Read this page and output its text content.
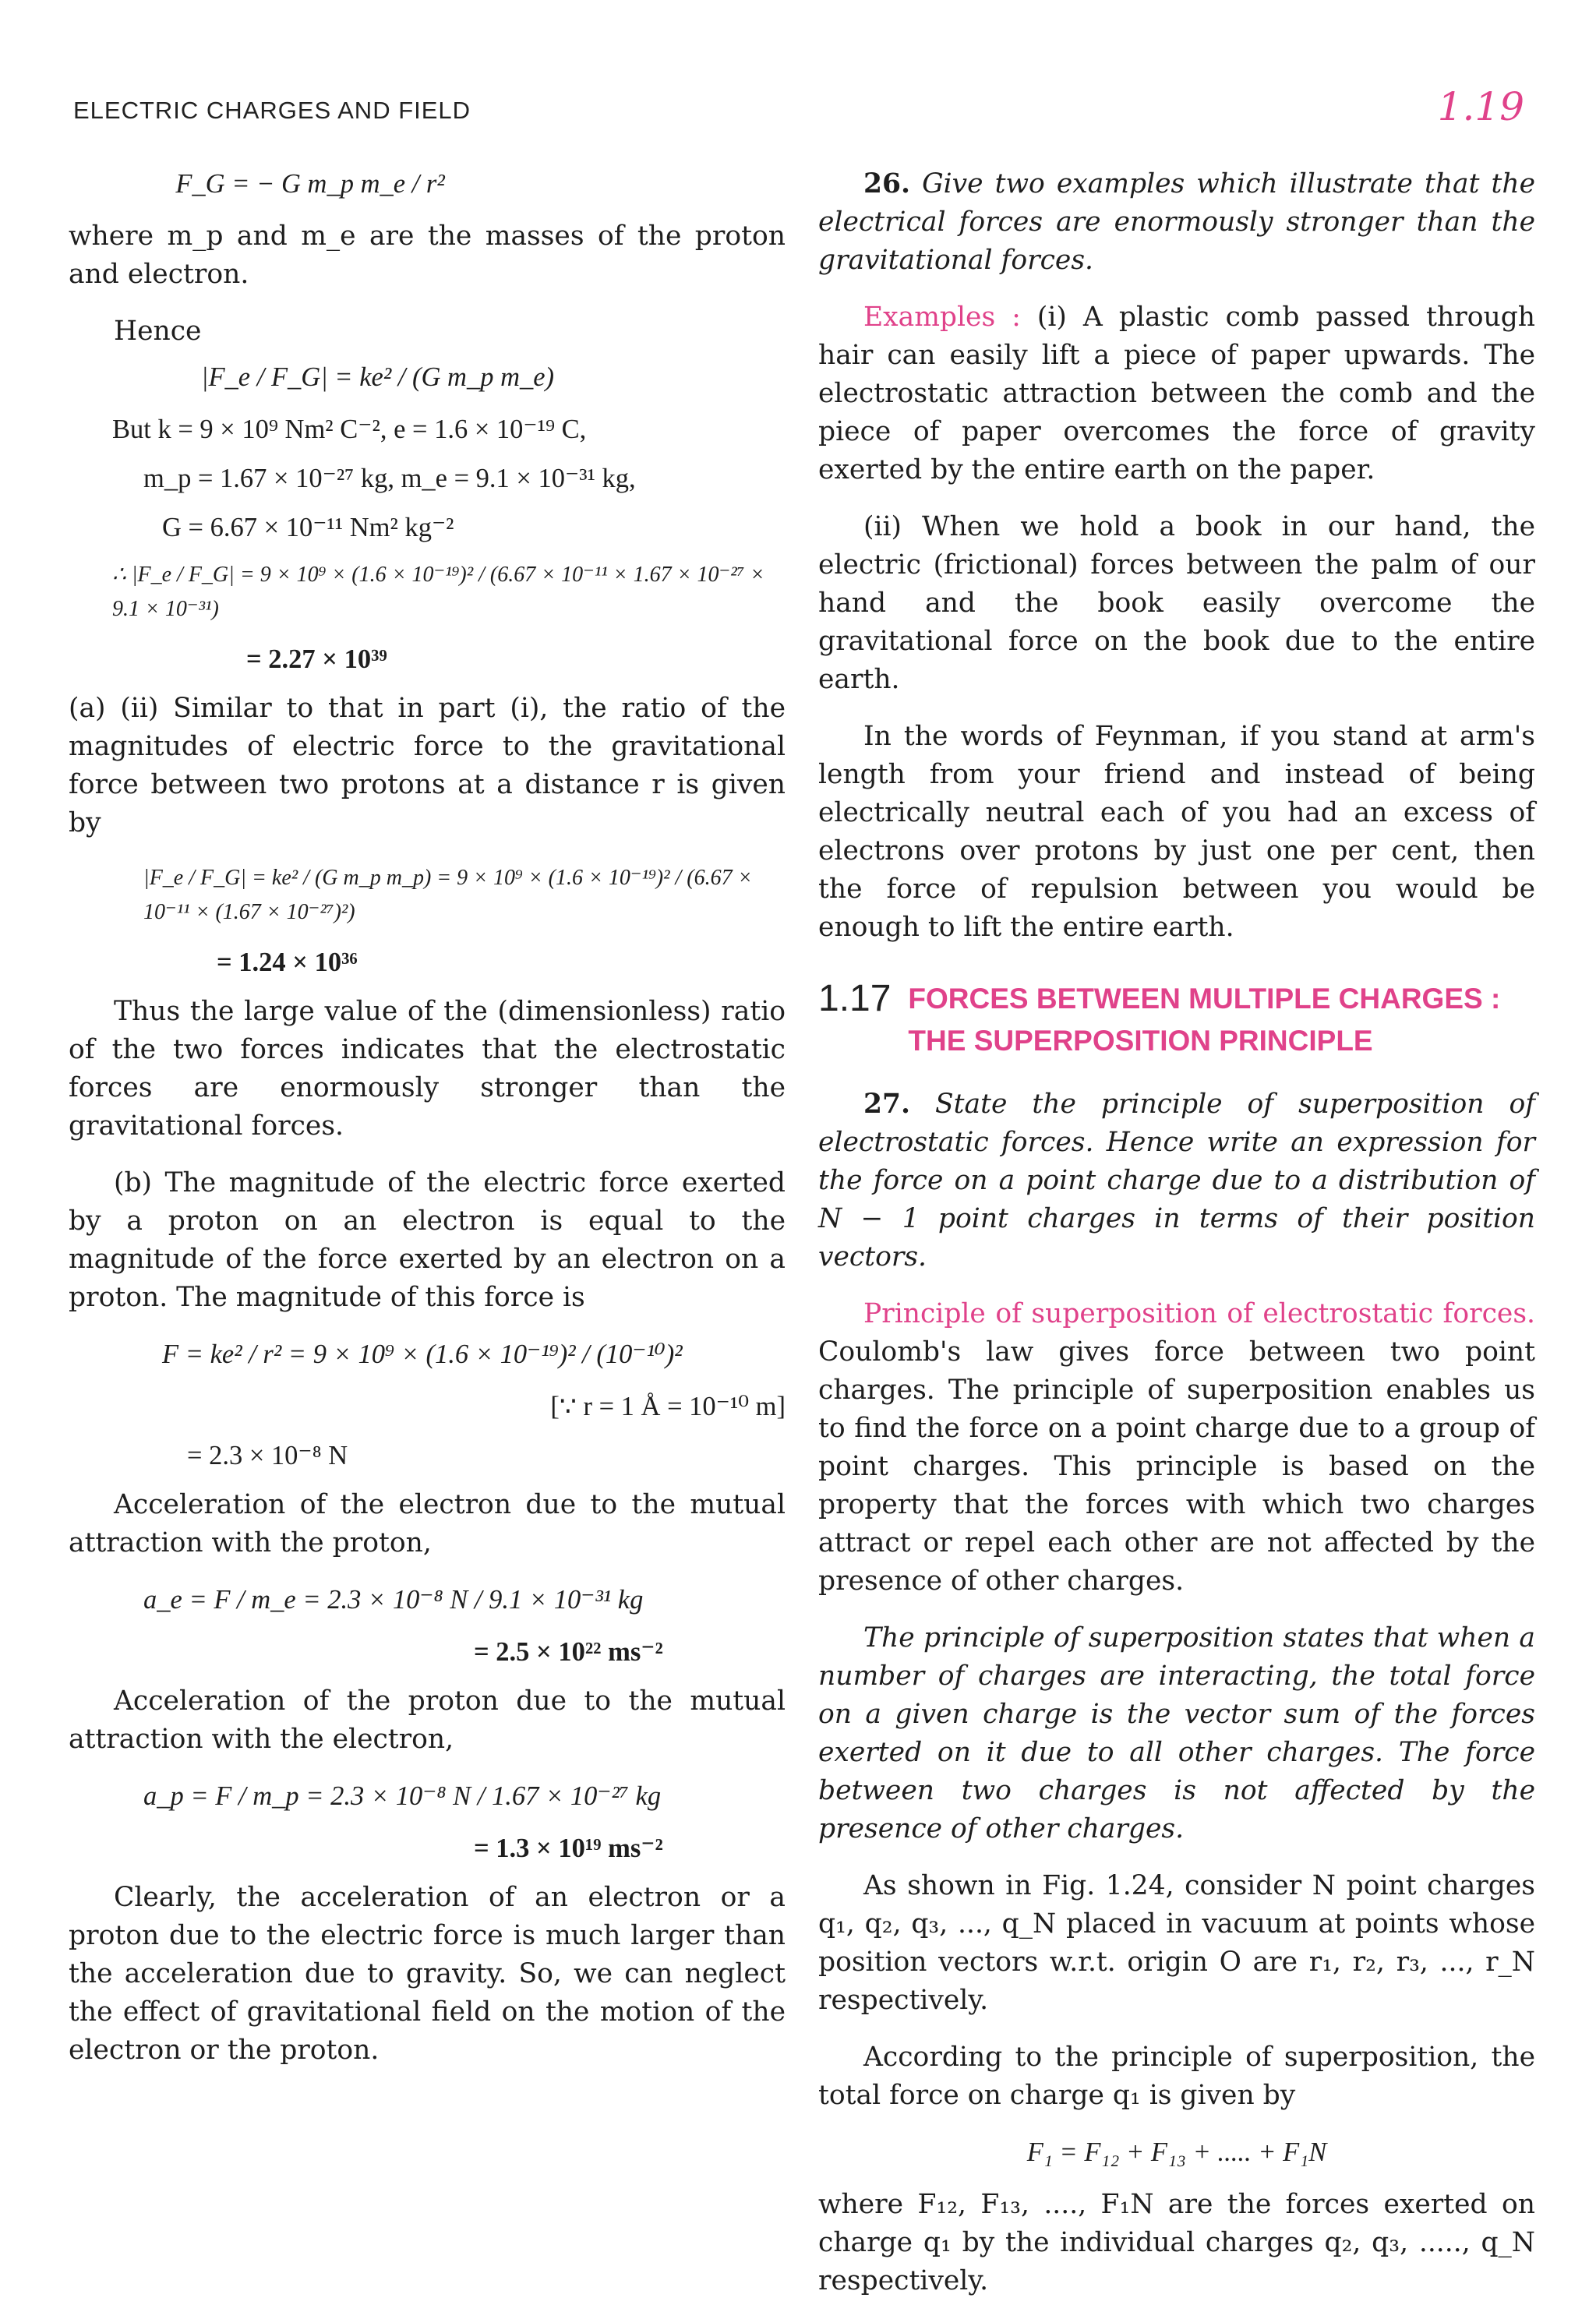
ELECTRIC CHARGES AND FIELD	1.19
F_G = − G m_p m_e / r²

where m_p and m_e are the masses of the proton and electron.

Hence

|F_e / F_G| = ke² / (G m_p m_e)
But k = 9 × 10⁹ Nm² C⁻², e = 1.6 × 10⁻¹⁹ C,
m_p = 1.67 × 10⁻²⁷ kg, m_e = 9.1 × 10⁻³¹ kg,
G = 6.67 × 10⁻¹¹ Nm² kg⁻²
∴ |F_e / F_G| = 9 × 10⁹ × (1.6 × 10⁻¹⁹)² / (6.67 × 10⁻¹¹ × 1.67 × 10⁻²⁷ × 9.1 × 10⁻³¹)
= 2.27 × 10³⁹

(a) (ii) Similar to that in part (i), the ratio of the magnitudes of electric force to the gravitational force between two protons at a distance r is given by

|F_e / F_G| = ke² / (G m_p m_p) = 9 × 10⁹ × (1.6 × 10⁻¹⁹)² / (6.67 × 10⁻¹¹ × (1.67 × 10⁻²⁷)²)
= 1.24 × 10³⁶

Thus the large value of the (dimensionless) ratio of the two forces indicates that the electrostatic forces are enormously stronger than the gravitational forces.

(b) The magnitude of the electric force exerted by a proton on an electron is equal to the magnitude of the force exerted by an electron on a proton. The magnitude of this force is

F = ke² / r² = 9 × 10⁹ × (1.6 × 10⁻¹⁹)² / (10⁻¹⁰)²
[∵ r = 1 Å = 10⁻¹⁰ m]
= 2.3 × 10⁻⁸ N

Acceleration of the electron due to the mutual attraction with the proton,

a_e = F / m_e = 2.3 × 10⁻⁸ N / 9.1 × 10⁻³¹ kg
= 2.5 × 10²² ms⁻²

Acceleration of the proton due to the mutual attraction with the electron,

a_p = F / m_p = 2.3 × 10⁻⁸ N / 1.67 × 10⁻²⁷ kg
= 1.3 × 10¹⁹ ms⁻²

Clearly, the acceleration of an electron or a proton due to the electric force is much larger than the acceleration due to gravity. So, we can neglect the effect of gravitational field on the motion of the electron or the proton.

26. Give two examples which illustrate that the electrical forces are enormously stronger than the gravitational forces.

Examples : (i) A plastic comb passed through hair can easily lift a piece of paper upwards. The electrostatic attraction between the comb and the piece of paper overcomes the force of gravity exerted by the entire earth on the paper.

(ii) When we hold a book in our hand, the electric (frictional) forces between the palm of our hand and the book easily overcome the gravitational force on the book due to the entire earth.

In the words of Feynman, if you stand at arm's length from your friend and instead of being electrically neutral each of you had an excess of electrons over protons by just one per cent, then the force of repulsion between you would be enough to lift the entire earth.

1.17 FORCES BETWEEN MULTIPLE CHARGES :
THE SUPERPOSITION PRINCIPLE

27. State the principle of superposition of electrostatic forces. Hence write an expression for the force on a point charge due to a distribution of N − 1 point charges in terms of their position vectors.

Principle of superposition of electrostatic forces. Coulomb's law gives force between two point charges. The principle of superposition enables us to find the force on a point charge due to a group of point charges. This principle is based on the property that the forces with which two charges attract or repel each other are not affected by the presence of other charges.

The principle of superposition states that when a number of charges are interacting, the total force on a given charge is the vector sum of the forces exerted on it due to all other charges. The force between two charges is not affected by the presence of other charges.

As shown in Fig. 1.24, consider N point charges q₁, q₂, q₃, ..., q_N placed in vacuum at points whose position vectors w.r.t. origin O are r₁, r₂, r₃, ..., r_N respectively.

According to the principle of superposition, the total force on charge q₁ is given by

F₁ = F₁₂ + F₁₃ + ..... + F₁N

where F₁₂, F₁₃, ...., F₁N are the forces exerted on charge q₁ by the individual charges q₂, q₃, ....., q_N respectively.
